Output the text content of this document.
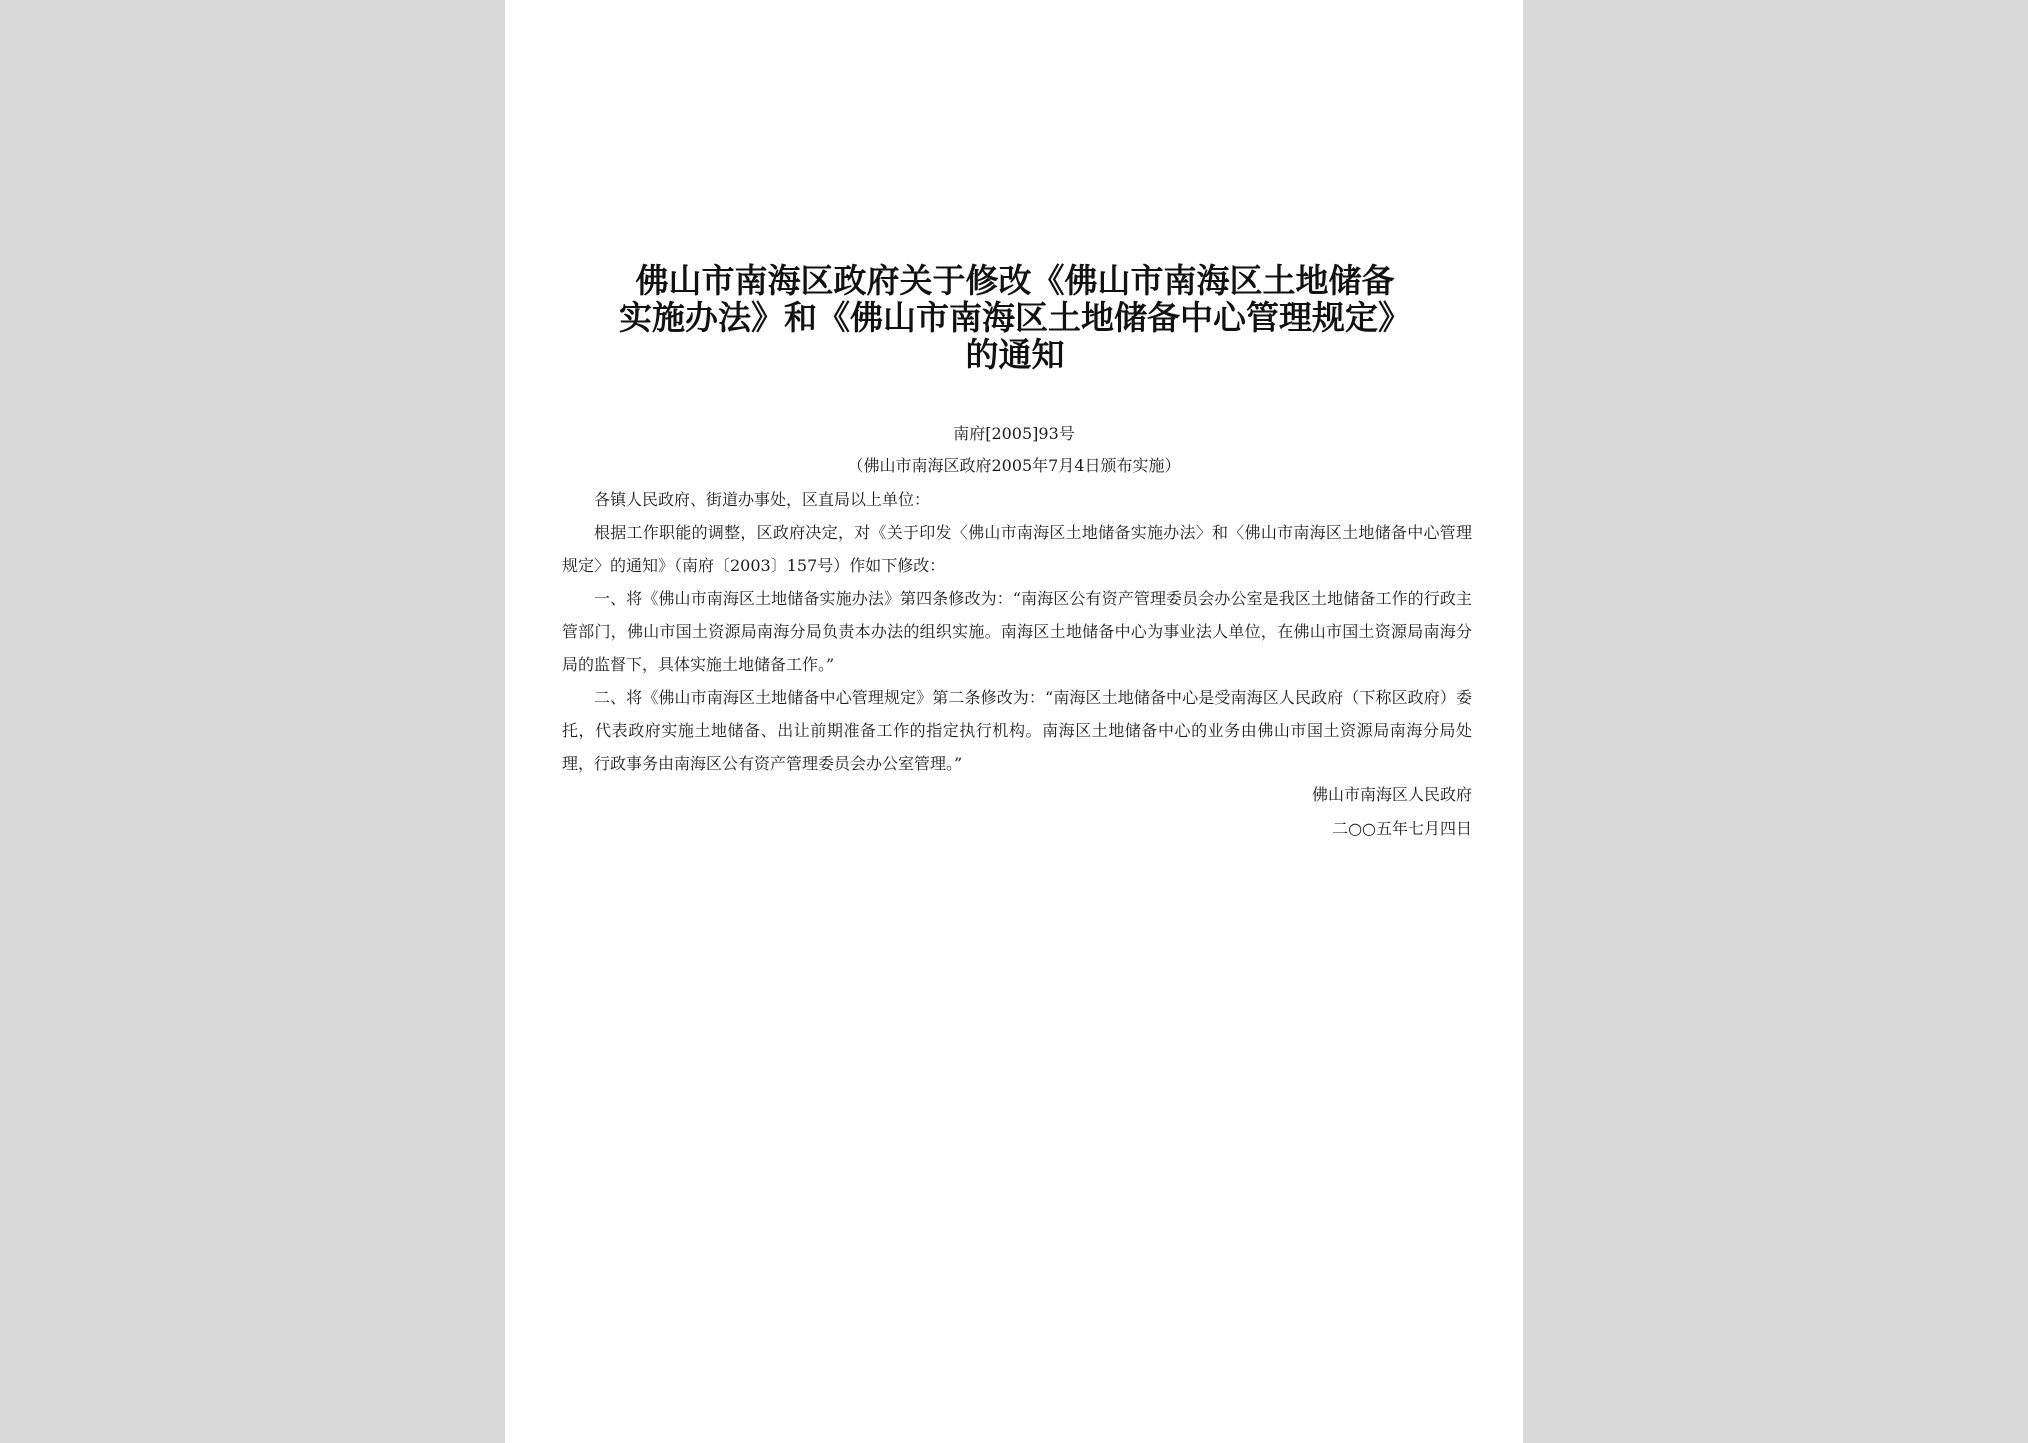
佛山市南海区政府关于修改《佛山市南海区土地储备
实施办法》和《佛山市南海区土地储备中心管理规定》
的通知
南府[2005]93号
（佛山市南海区政府2005年7月4日颁布实施）
各镇人民政府、街道办事处，区直局以上单位：
根据工作职能的调整，区政府决定，对《关于印发〈佛山市南海区土地储备实施办法〉和〈佛山市南海区土地储备中心管理规定〉的通知》（南府〔2003〕157号）作如下修改：
一、将《佛山市南海区土地储备实施办法》第四条修改为：“南海区公有资产管理委员会办公室是我区土地储备工作的行政主管部门，佛山市国土资源局南海分局负责本办法的组织实施。南海区土地储备中心为事业法人单位，在佛山市国土资源局南海分局的监督下，具体实施土地储备工作。”
二、将《佛山市南海区土地储备中心管理规定》第二条修改为：“南海区土地储备中心是受南海区人民政府（下称区政府）委托，代表政府实施土地储备、出让前期准备工作的指定执行机构。南海区土地储备中心的业务由佛山市国土资源局南海分局处理，行政事务由南海区公有资产管理委员会办公室管理。”
佛山市南海区人民政府
二○○五年七月四日
